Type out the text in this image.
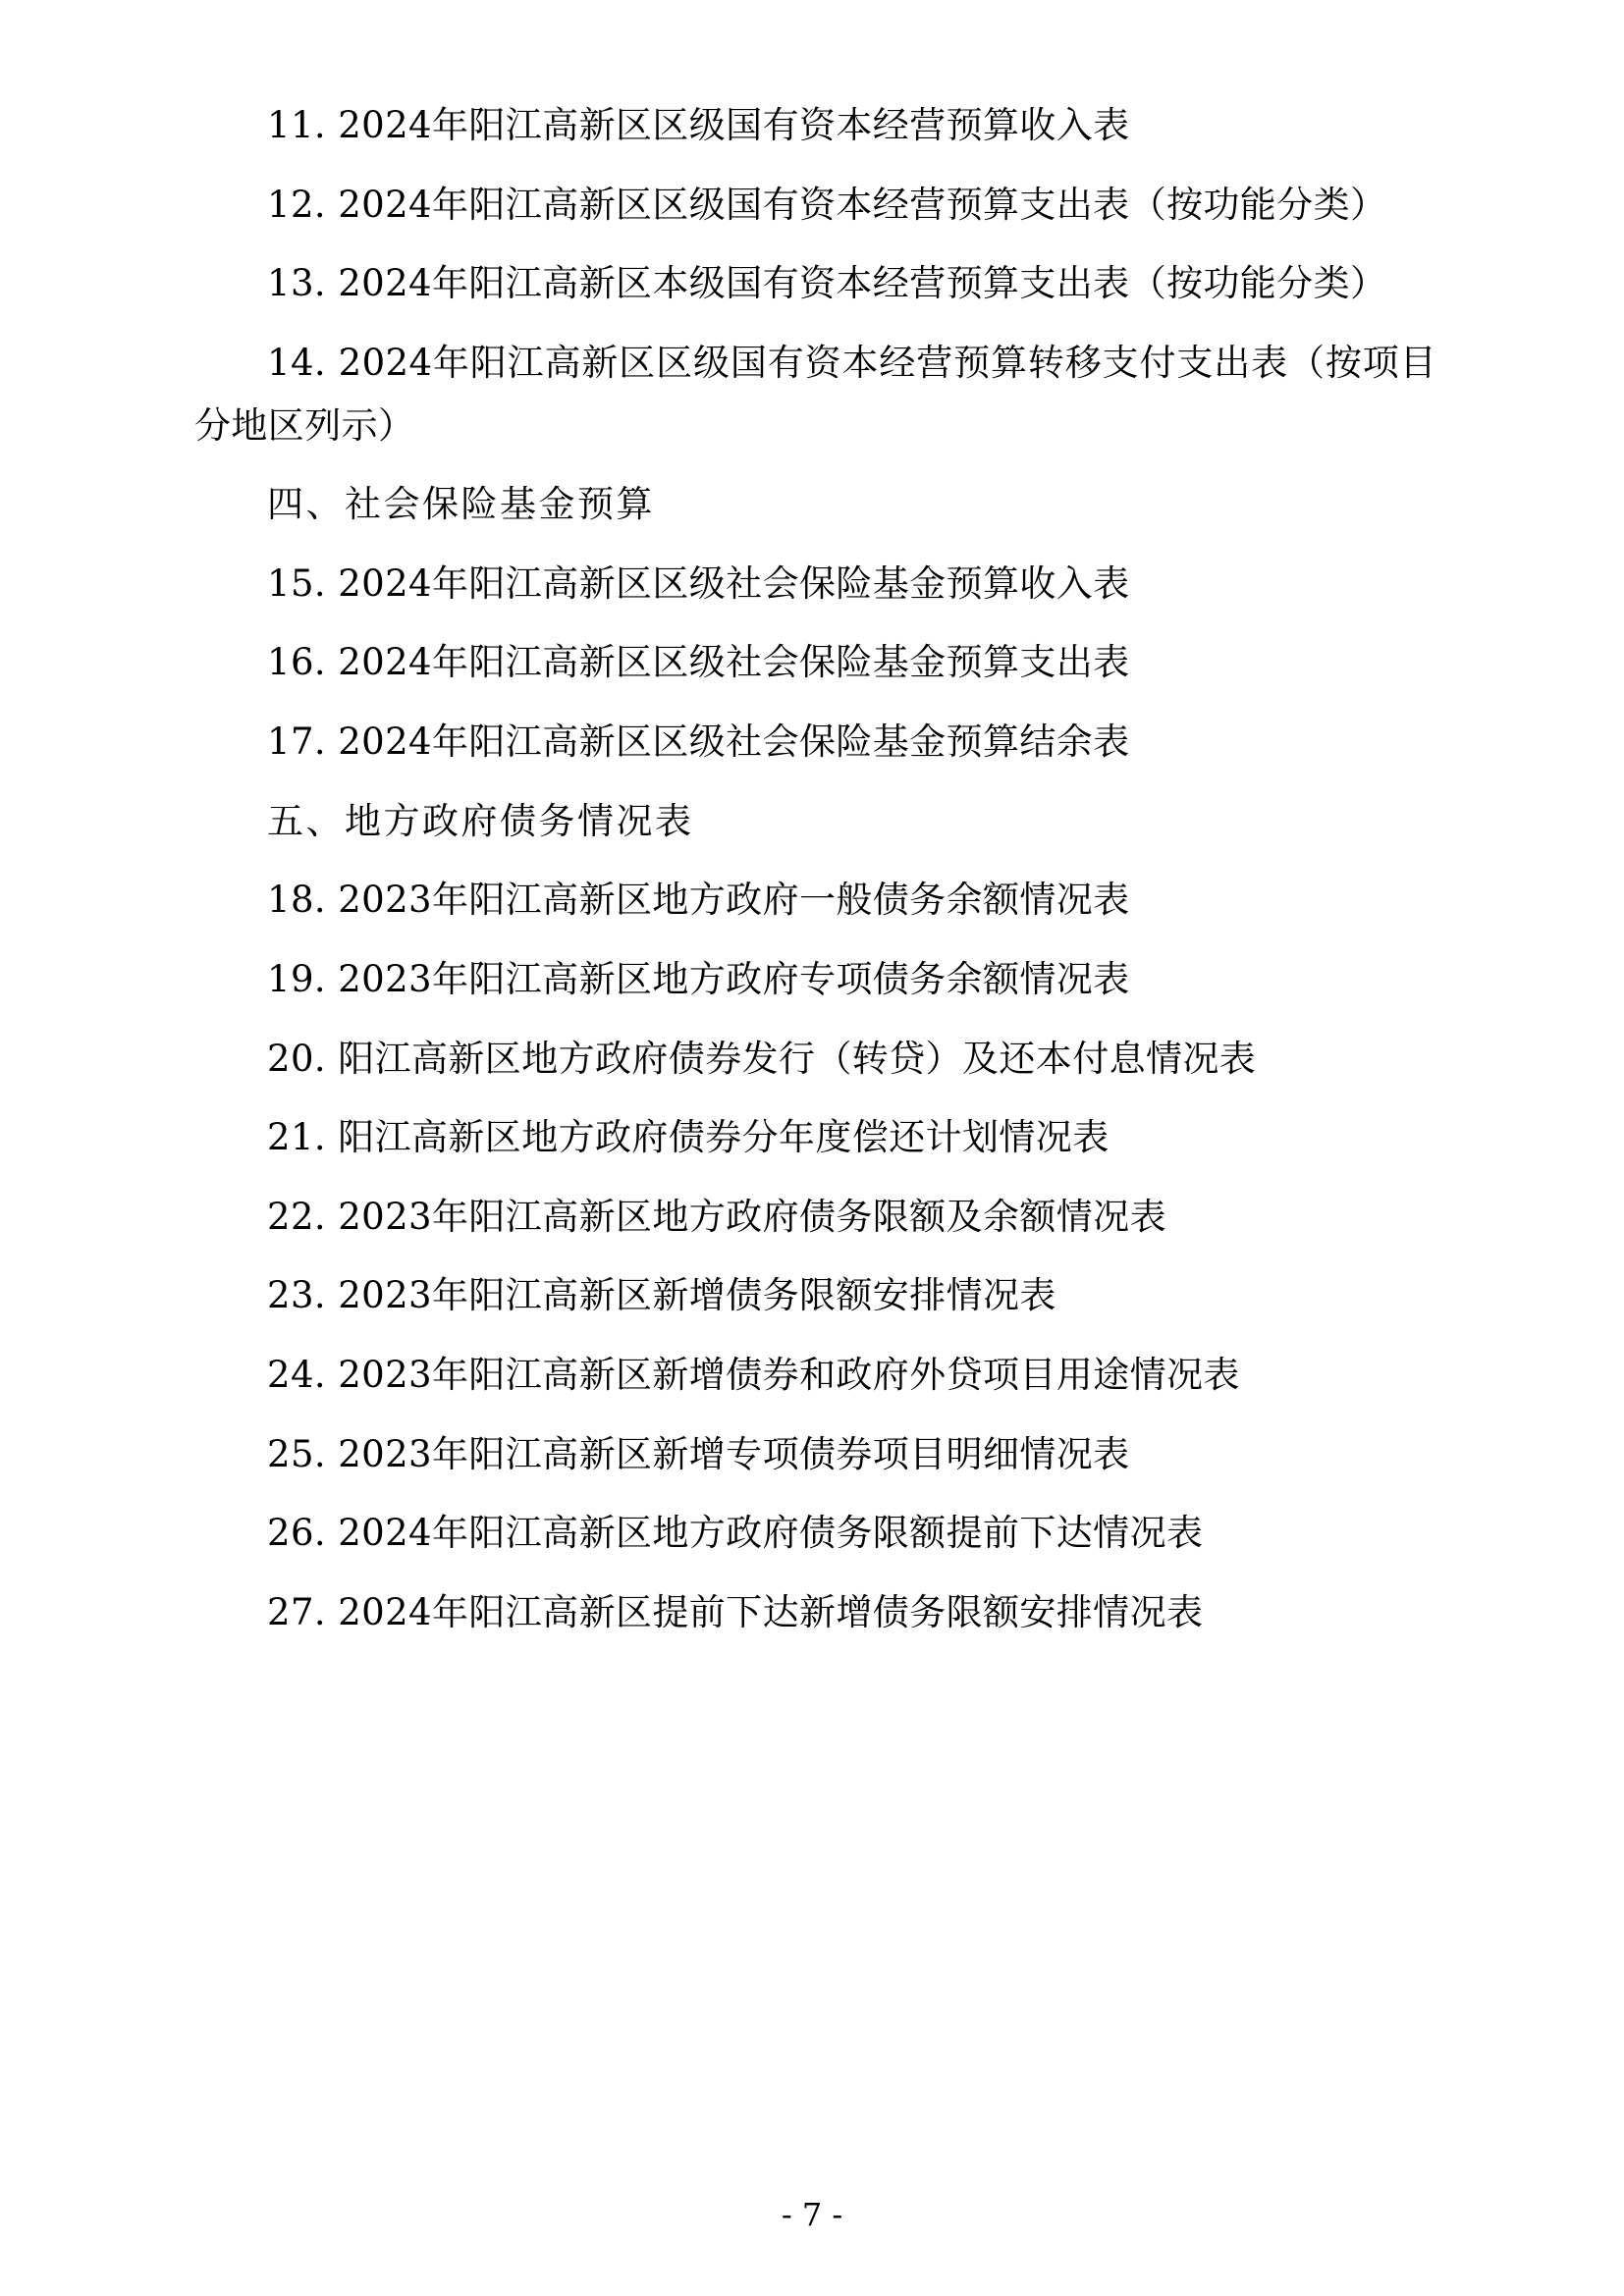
11. 2024年阳江高新区区级国有资本经营预算收入表

12. 2024年阳江高新区区级国有资本经营预算支出表（按功能分类）

13. 2024年阳江高新区本级国有资本经营预算支出表（按功能分类）

14. 2024年阳江高新区区级国有资本经营预算转移支付支出表（按项目分地区列示）

四、社会保险基金预算

15. 2024年阳江高新区区级社会保险基金预算收入表

16. 2024年阳江高新区区级社会保险基金预算支出表

17. 2024年阳江高新区区级社会保险基金预算结余表

五、地方政府债务情况表

18. 2023年阳江高新区地方政府一般债务余额情况表

19. 2023年阳江高新区地方政府专项债务余额情况表

20. 阳江高新区地方政府债券发行（转贷）及还本付息情况表

21. 阳江高新区地方政府债券分年度偿还计划情况表

22. 2023年阳江高新区地方政府债务限额及余额情况表

23. 2023年阳江高新区新增债务限额安排情况表

24. 2023年阳江高新区新增债券和政府外贷项目用途情况表

25. 2023年阳江高新区新增专项债券项目明细情况表

26. 2024年阳江高新区地方政府债务限额提前下达情况表

27. 2024年阳江高新区提前下达新增债务限额安排情况表

- 7 -
